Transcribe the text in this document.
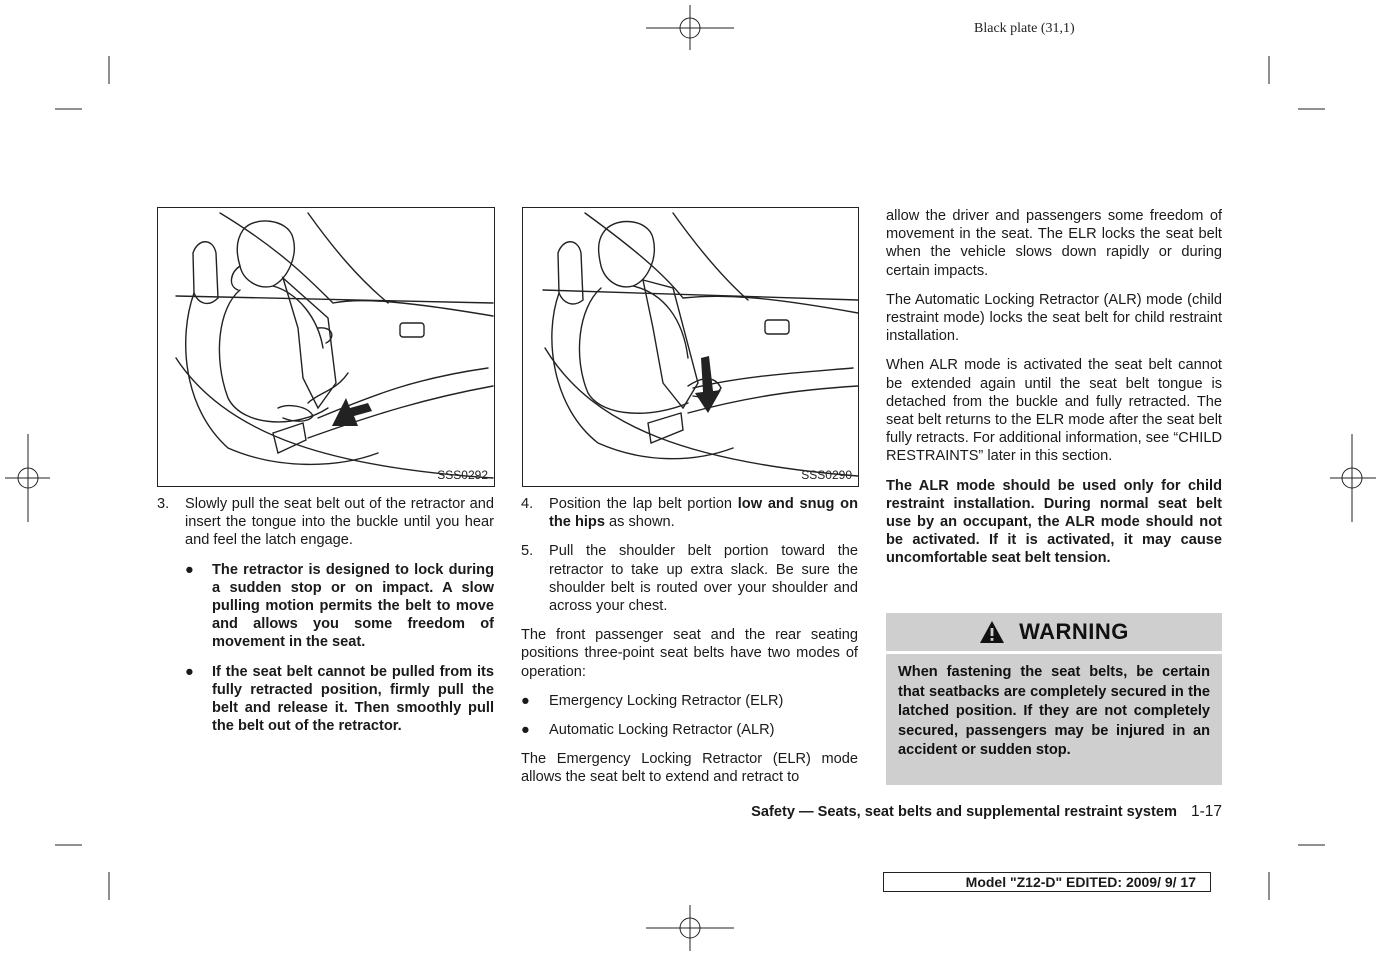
Black plate (31,1)
SSS0292	SSS0290
3.	Slowly pull the seat belt out of the retractor and insert the tongue into the buckle until you hear and feel the latch engage.
●	The retractor is designed to lock during a sudden stop or on impact. A slow pulling motion permits the belt to move and allows you some freedom of movement in the seat.
●	If the seat belt cannot be pulled from its fully retracted position, firmly pull the belt and release it. Then smoothly pull the belt out of the retractor.
4.	Position the lap belt portion low and snug on the hips as shown.
5.	Pull the shoulder belt portion toward the retractor to take up extra slack. Be sure the shoulder belt is routed over your shoulder and across your chest.

The front passenger seat and the rear seating positions three-point seat belts have two modes of operation:

●	Emergency Locking Retractor (ELR)
●	Automatic Locking Retractor (ALR)

The Emergency Locking Retractor (ELR) mode allows the seat belt to extend and retract to

allow the driver and passengers some freedom of movement in the seat. The ELR locks the seat belt when the vehicle slows down rapidly or during certain impacts.

The Automatic Locking Retractor (ALR) mode (child restraint mode) locks the seat belt for child restraint installation.

When ALR mode is activated the seat belt cannot be extended again until the seat belt tongue is detached from the buckle and fully retracted. The seat belt returns to the ELR mode after the seat belt fully retracts. For additional information, see “CHILD RESTRAINTS” later in this section.

The ALR mode should be used only for child restraint installation. During normal seat belt use by an occupant, the ALR mode should not be activated. If it is activated, it may cause uncomfortable seat belt tension.

WARNING
When fastening the seat belts, be certain that seatbacks are completely secured in the latched position. If they are not completely secured, passengers may be injured in an accident or sudden stop.
Safety — Seats, seat belts and supplemental restraint system 1-17
Model "Z12-D" EDITED: 2009/ 9/ 17
